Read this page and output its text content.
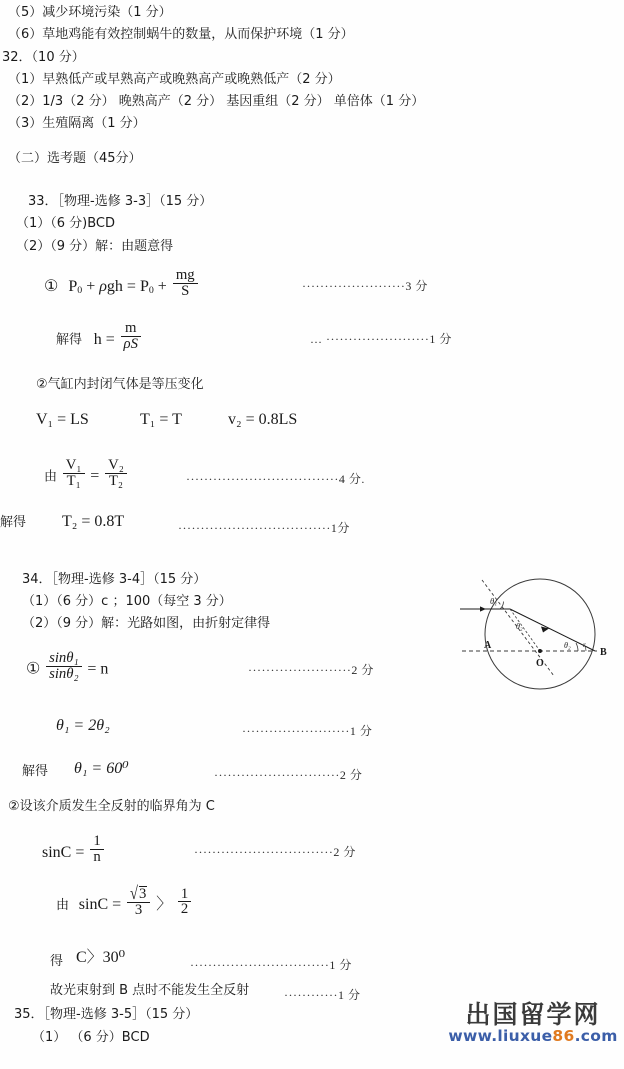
（5）减少环境污染（1 分）
（6）草地鸡能有效控制蜗牛的数量，从而保护环境（1 分）
32．（10 分）
（1）早熟低产或早熟高产或晚熟高产或晚熟低产（2 分）
（2）1/3（2 分） 晚熟高产（2 分） 基因重组（2 分） 单倍体（1 分）
（3）生殖隔离（1 分）
（二）选考题（45分）
33．［物理-选修 3-3］（15 分）
（1）（6 分)BCD
（2）（9 分）解：由题意得
① $P_0 + \rho gh = P_0 + \frac{mg}{S}$	·······················3 分
解得 $h = \frac{m}{\rho S}$	… ·······················1 分
②气缸内封闭气体是等压变化
V₁ = LS	T₁ = T	v₂ = 0.8LS
由 $\frac{\text{V₁}}{\text{T₁}} = \frac{\text{V₂}}{\text{T₂}}$	··································4 分.
解得 T₂ = 0.8T	··································1分
34．［物理-选修 3-4］（15 分）
（1）（6 分）c ；100（每空 3 分）
（2）（9 分）解：光路如图，由折射定律得
① $\frac{\text{sinθ₁}}{\text{sinθ₂}} = n$	·······················2 分
θ₁ = 2θ₂	························1 分
解得 θ₁ = 60⁰	····························2 分
②设该介质发生全反射的临界角为 C
$\sin C = \frac{1}{n}$	·······························2 分
由 $\sin C = \frac{√3}{3}$ 〉 $\frac{1}{2}$
得 C〉30⁰	·······························1 分
故光束射到 B 点时不能发生全反射	············1 分
35．［物理-选修 3-5］（15 分）
（1） （6 分）BCD
θ₁
θ₂
θ₂ r
A
B
O
出国留学网
www.liuxue86.com
